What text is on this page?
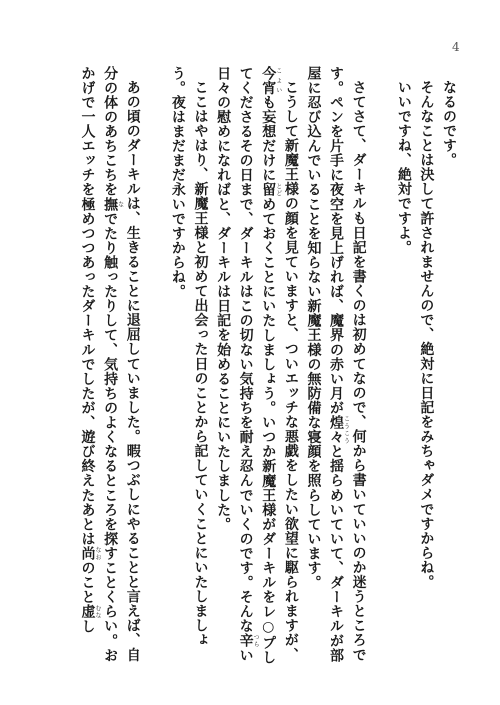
4

なるのです。

そんなことは決して許されませんので、絶対に日記をみちゃダメですからね。

いいですね、絶対ですよ。

さてさて、ダーキルも日記を書くのは初めてなので、何から書いていいのか迷うところです。ペンを片手に夜空を見上げれば、魔界の赤い月が煌々こうこうと揺らめいていて、ダーキルが部屋に忍び込んでいることを知らない新魔王様の無防備な寝顔を照らしています。

こうして新魔王様の顔を見ていますと、ついエッチな悪戯をしたい欲望に駆られますが、今宵こよいも妄想だけに留とどめておくことにいたしましょう。いつか新魔王様がダーキルをレ○プしてくださるその日まで、ダーキルはこの切ない気持ちを耐え忍んでいくのです。そんな辛つらい日々の慰めになればと、ダーキルは日記を始めることにいたしました。

ここはやはり、新魔王様と初めて出会った日のことから記していくことにいたしましょう。夜はまだまだ永いですからね。

あの頃のダーキルは、生きることに退屈していました。暇つぶしにやることと言えば、自分の体のあちこちを撫なでたり触ったりして、気持ちのよくなるところを探すことくらい。おかげで一人エッチを極めつつあったダーキルでしたが、遊び終えたあとは尚なおのこと虚むなし
